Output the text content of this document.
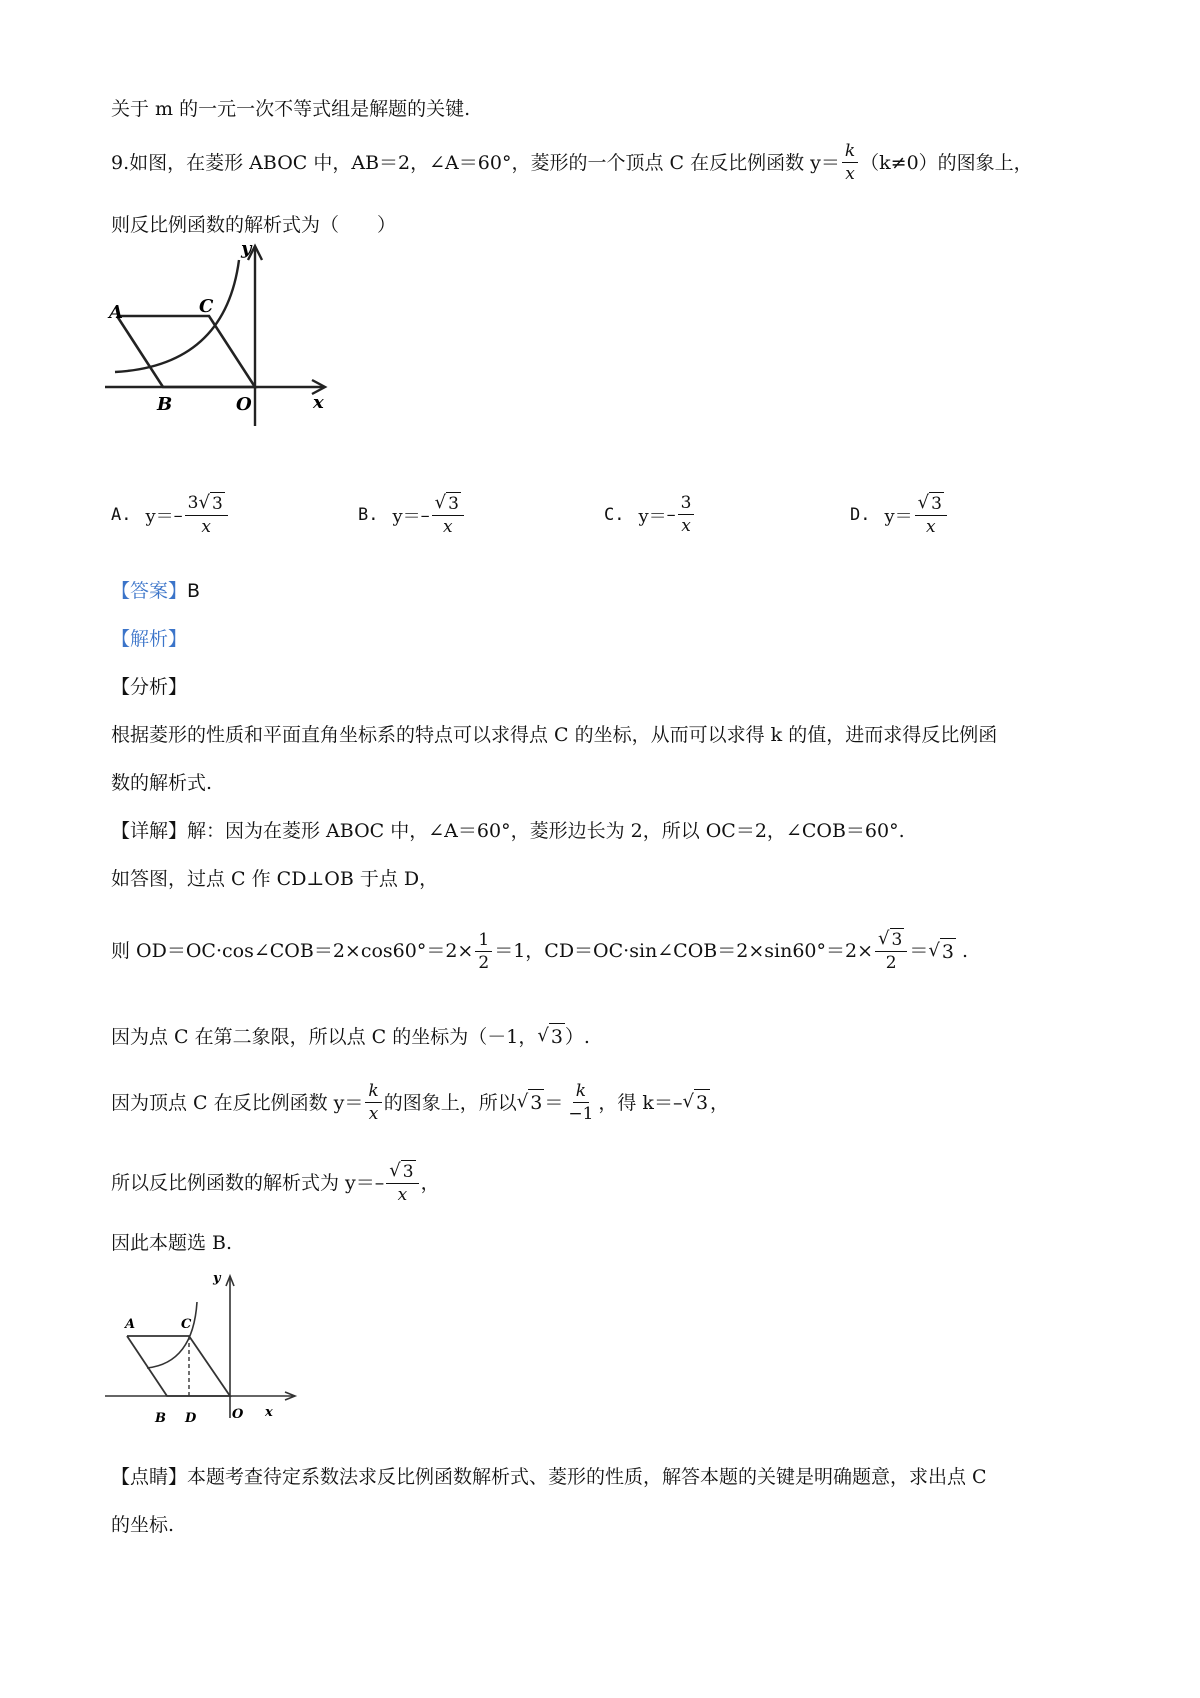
关于 m 的一元一次不等式组是解题的关键.
9.如图，在菱形 ABOC 中，AB＝2，∠A＝60°，菱形的一个顶点 C 在反比例函数 $y= \frac{k}{x} (k\ne 0)$的图象上，
则反比例函数的解析式为（　　）
y
x
A
B
C
O
A. $y= - \frac{3 √ 3}{x}$	B. $y= - \frac{√ 3}{x}$	C. $y= - \frac{3}{x}$	D. $y= \frac{√ 3}{x}$
【答案】B
【解析】
【分析】
根据菱形的性质和平面直角坐标系的特点可以求得点 C 的坐标，从而可以求得 k 的值，进而求得反比例函
数的解析式.
【详解】解：因为在菱形 ABOC 中，∠A＝60°，菱形边长为 2，所以 OC＝2，∠COB＝60°.
如答图，过点 C 作 CD⊥OB 于点 D，
则 OD＝OC·cos∠COB＝2×cos60°＝2× $\frac{1}{2} =1$，CD＝OC·sin∠COB＝2×sin60°＝2× $\frac{√ 3}{2}$ ＝ √ 3 .
因为点 C 在第二象限，所以点 C 的坐标为（－1， √ 3 ）.
因为顶点 C 在反比例函数 $y= \frac{k}{x}$ 的图象上，所以 √ $3 = \frac{k}{-1}$ ，得 k＝– √ 3 ，
所以反比例函数的解析式为 $y=- \frac{√ 3}{x}$ ，
因此本题选 B.
y
x
A
B
C
D	O
【点睛】本题考查待定系数法求反比例函数解析式、菱形的性质，解答本题的关键是明确题意，求出点 C
的坐标.
